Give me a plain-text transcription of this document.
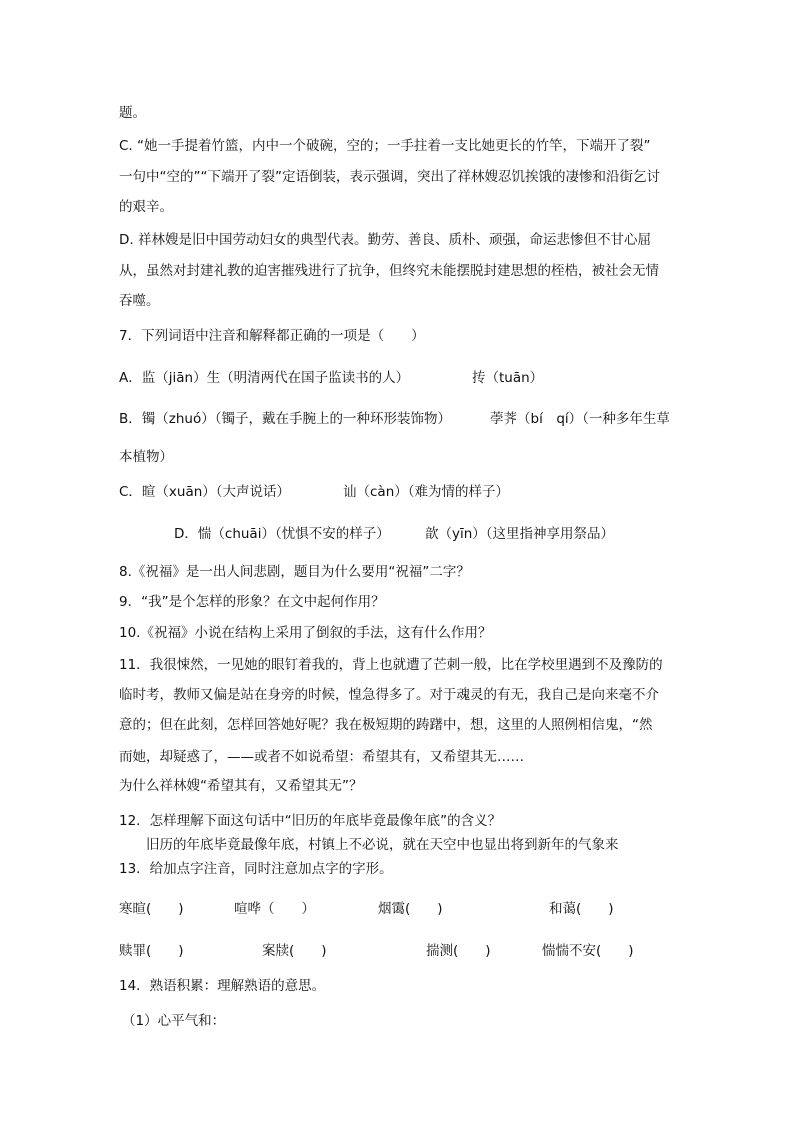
题。
C. “她一手提着竹篮，内中一个破碗，空的；一手拄着一支比她更长的竹竿，下端开了裂”
一句中“空的”“下端开了裂”定语倒装，表示强调，突出了祥林嫂忍饥挨饿的凄惨和沿街乞讨
的艰辛。
D. 祥林嫂是旧中国劳动妇女的典型代表。勤劳、善良、质朴、顽强，命运悲惨但不甘心屈
从，虽然对封建礼教的迫害摧残进行了抗争，但终究未能摆脱封建思想的桎梏，被社会无情
吞噬。
7．下列词语中注音和解释都正确的一项是（　　）
A．监（jiān）生（明清两代在国子监读书的人）	抟（tuān）
B．镯（zhuó）（镯子，戴在手腕上的一种环形装饰物）	荸荠（bí　qí）（一种多年生草
本植物）
C．暄（xuān）（大声说话）	讪（càn）（难为情的样子）
D．惴（chuāi）（忧惧不安的样子）	歆（yīn）（这里指神享用祭品）
8.《祝福》是一出人间悲剧，题目为什么要用“祝福”二字？
9．“我”是个怎样的形象？在文中起何作用？
10.《祝福》小说在结构上采用了倒叙的手法，这有什么作用？
11．我很悚然，一见她的眼钉着我的，背上也就遭了芒刺一般，比在学校里遇到不及豫防的
临时考，教师又偏是站在身旁的时候，惶急得多了。对于魂灵的有无，我自己是向来毫不介
意的；但在此刻，怎样回答她好呢？我在极短期的踌躇中，想，这里的人照例相信鬼，“然
而她，却疑惑了，——或者不如说希望：希望其有，又希望其无……
为什么祥林嫂“希望其有，又希望其无”？
12．怎样理解下面这句话中“旧历的年底毕竟最像年底”的含义？
旧历的年底毕竟最像年底，村镇上不必说，就在天空中也显出将到新年的气象来
13．给加点字注音，同时注意加点字的字形。
寒暄(　　)	喧哗（　　）	烟霭(　　)	和蔼(　　)
赎罪(　　)	案牍(　　)	揣测(　　)	惴惴不安(　　)
14．熟语积累：理解熟语的意思。
（1）心平气和：
